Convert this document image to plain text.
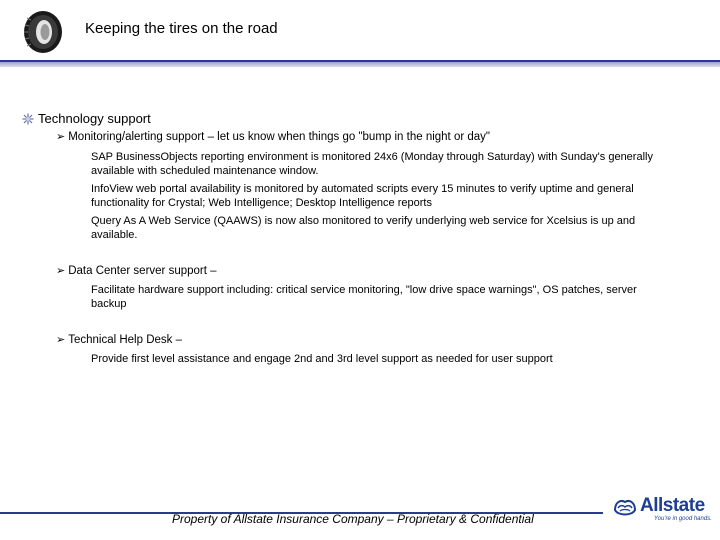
Keeping the tires on the road
Technology support
➢ Monitoring/alerting support – let us know when things go "bump in the night or day"
SAP BusinessObjects reporting environment is monitored 24x6 (Monday through Saturday) with Sunday's generally available with scheduled maintenance window.
InfoView web portal availability is monitored by automated scripts every 15 minutes to verify uptime and general functionality for Crystal; Web Intelligence; Desktop Intelligence reports
Query As A Web Service (QAAWS) is now also monitored to verify underlying web service for Xcelsius is up and available.
➢ Data Center server support –
Facilitate hardware support including: critical service monitoring, "low drive space warnings", OS patches, server backup
➢ Technical Help Desk –
Provide first level assistance and engage 2nd and 3rd level support as needed for user support
Property of Allstate Insurance Company – Proprietary & Confidential
Allstate
You're in good hands.
